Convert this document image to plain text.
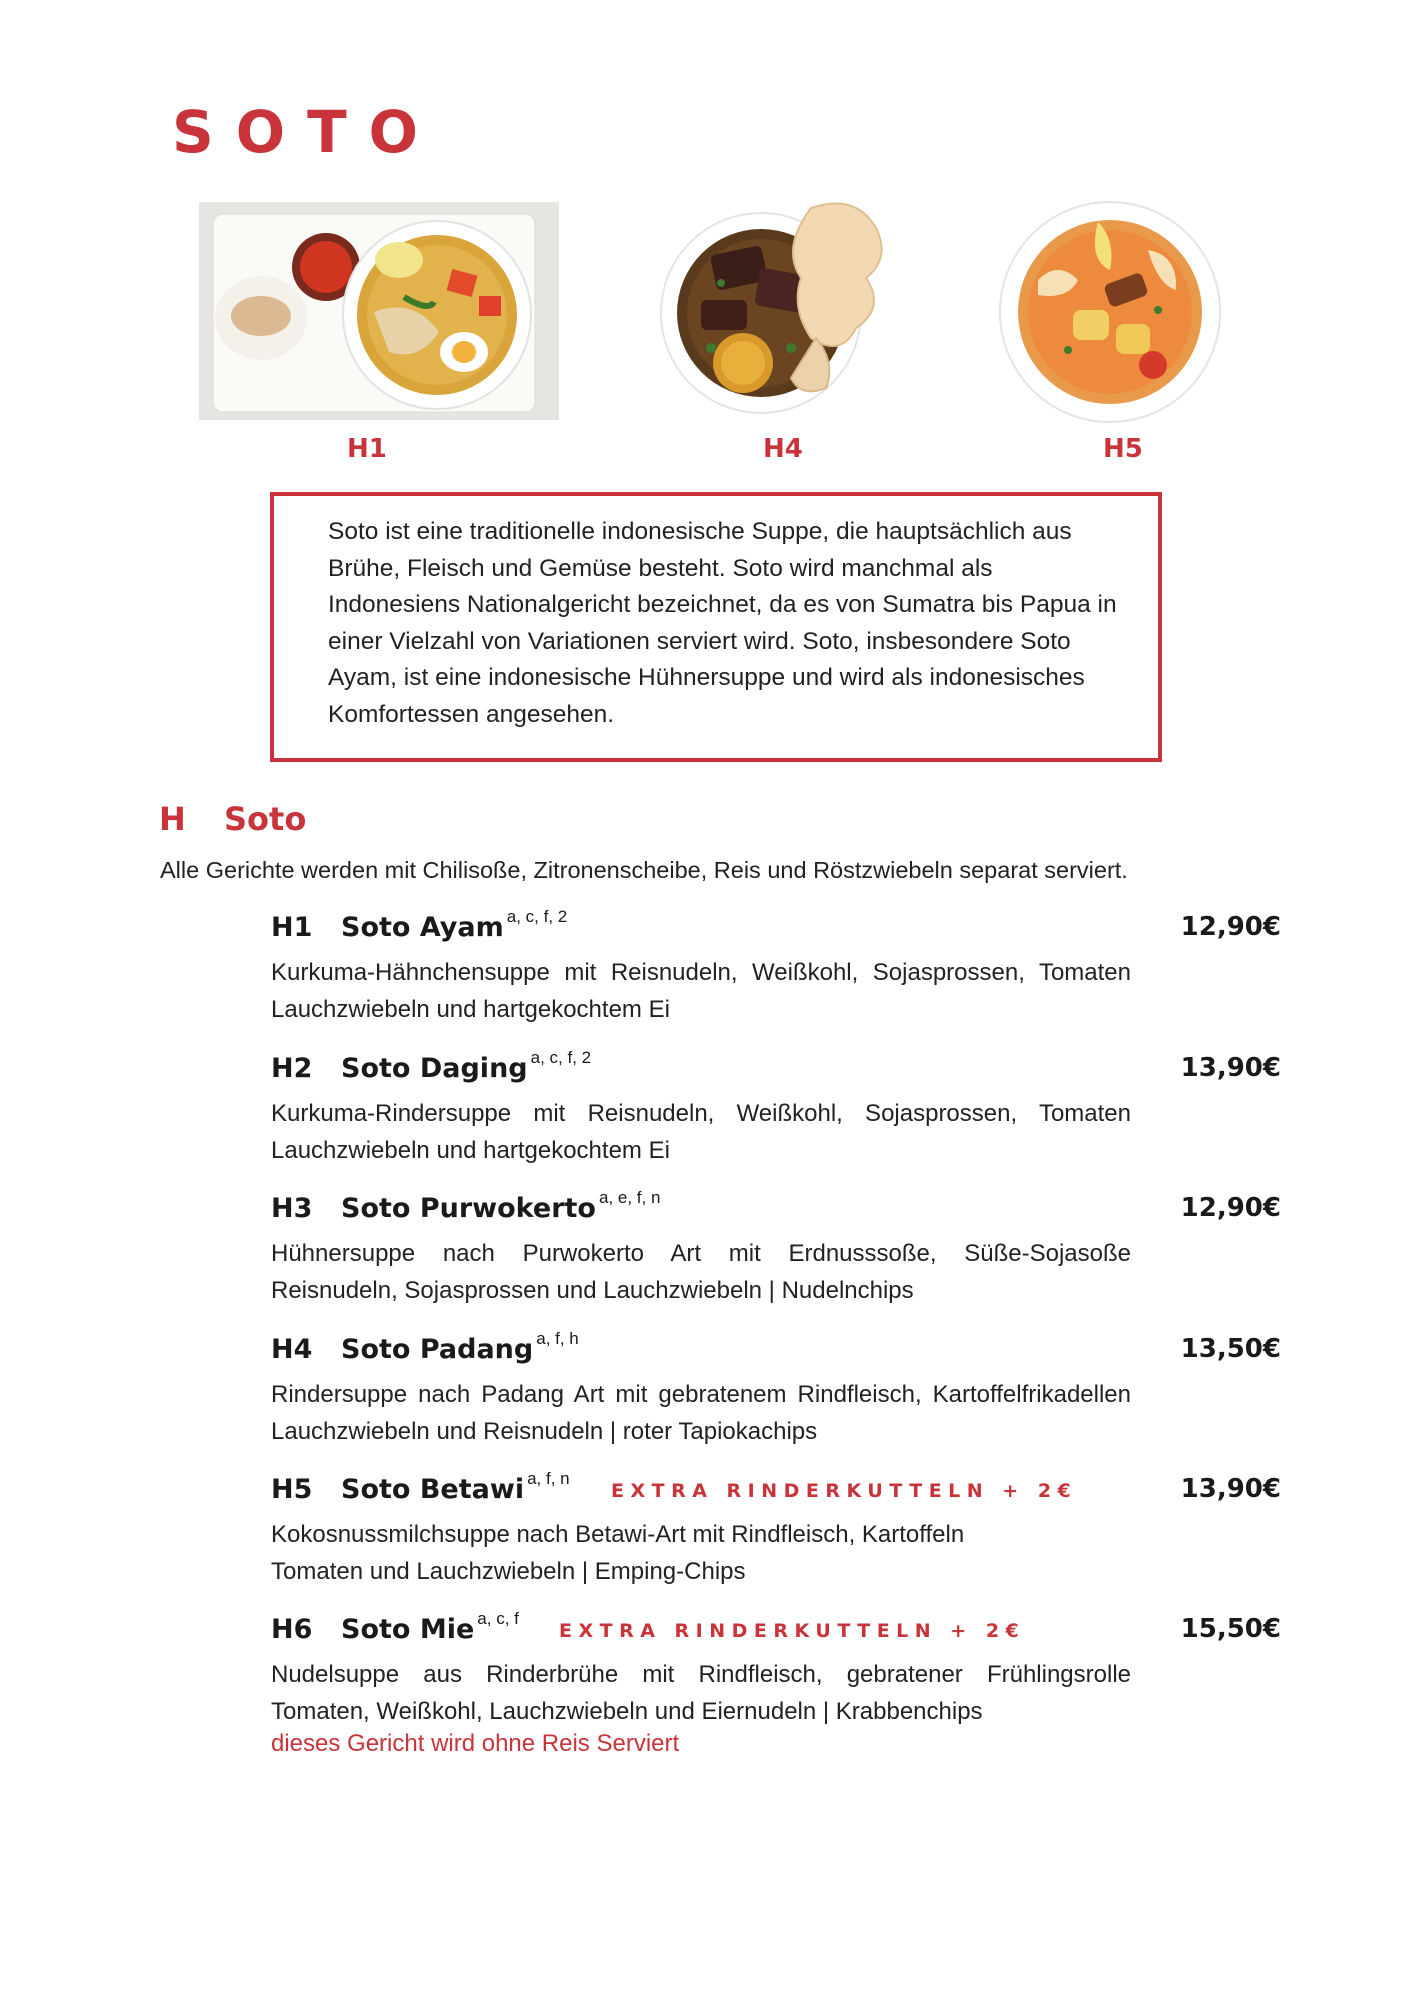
SOTO
H1	H4	H5
Soto ist eine traditionelle indonesische Suppe, die hauptsächlich aus Brühe, Fleisch und Gemüse besteht. Soto wird manchmal als Indonesiens Nationalgericht bezeichnet, da es von Sumatra bis Papua in einer Vielzahl von Variationen serviert wird. Soto, insbesondere Soto Ayam, ist eine indonesische Hühnersuppe und wird als indonesisches Komfortessen angesehen.
H Soto
Alle Gerichte werden mit Chilisoße, Zitronenscheibe, Reis und Röstzwiebeln separat serviert.
H1 Soto Ayam $^{a, c, f, 2}$	12,90€
Kurkuma-Hähnchensuppe mit Reisnudeln, Weißkohl, Sojasprossen, Tomaten
Lauchzwiebeln und hartgekochtem Ei
H2 Soto Daging $^{a, c, f, 2}$	13,90€
Kurkuma-Rindersuppe mit Reisnudeln, Weißkohl, Sojasprossen, Tomaten
Lauchzwiebeln und hartgekochtem Ei
H3 Soto Purwokerto $^{a, e, f, n}$	12,90€
Hühnersuppe nach Purwokerto Art mit Erdnusssoße, Süße-Sojasoße
Reisnudeln, Sojasprossen und Lauchzwiebeln | Nudelnchips
H4 Soto Padang $^{a, f, h}$	13,50€
Rindersuppe nach Padang Art mit gebratenem Rindfleisch, Kartoffelfrikadellen
Lauchzwiebeln und Reisnudeln | roter Tapiokachips
H5 Soto Betawi $^{a, f, n}$
EXTRA RINDERKUTTELN + 2€	13,90€
Kokosnussmilchsuppe nach Betawi-Art mit Rindfleisch, Kartoffeln
Tomaten und Lauchzwiebeln | Emping-Chips
H6 Soto Mie $^{a, c, f}$
EXTRA RINDERKUTTELN + 2€	15,50€
Nudelsuppe aus Rinderbrühe mit Rindfleisch, gebratener Frühlingsrolle
Tomaten, Weißkohl, Lauchzwiebeln und Eiernudeln | Krabbenchips
dieses Gericht wird ohne Reis Serviert
